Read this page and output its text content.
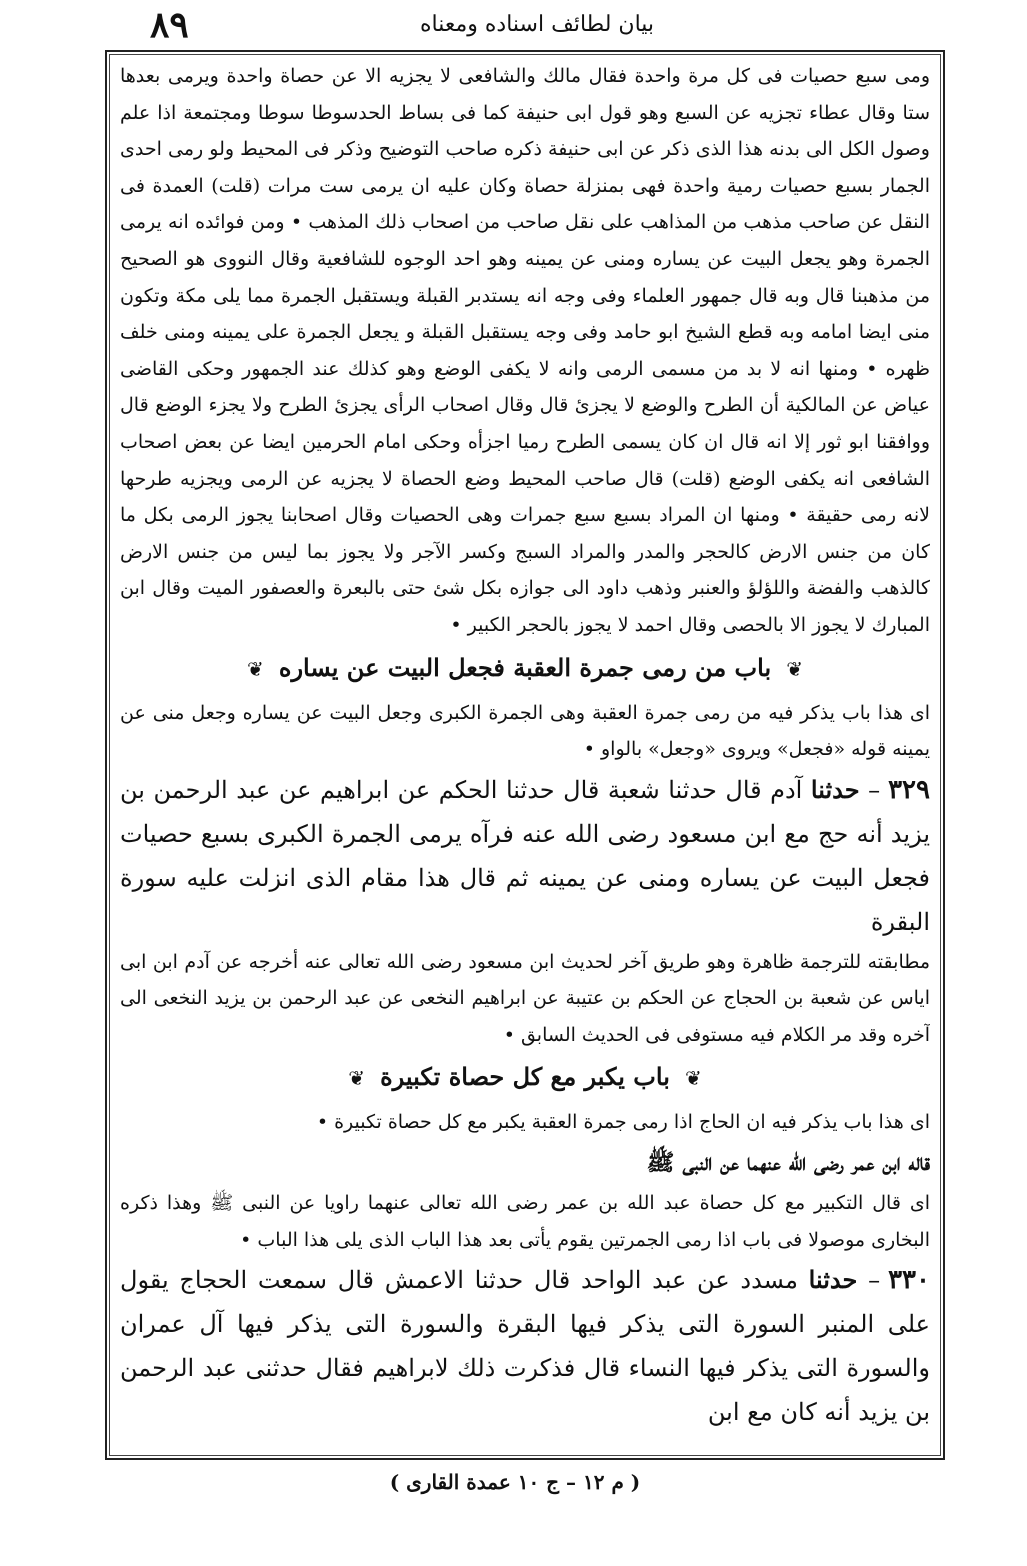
٨٩	بيان لطائف اسناده ومعناه

ومى سبع حصيات فى كل مرة واحدة فقال مالك والشافعى لا يجزيه الا عن حصاة واحدة ويرمى بعدها ستا وقال عطاء تجزيه عن السبع وهو قول ابى حنيفة كما فى بساط الحدسوطا سوطا ومجتمعة اذا علم وصول الكل الى بدنه هذا الذى ذكر عن ابى حنيفة ذكره صاحب التوضيح وذكر فى المحيط ولو رمى احدى الجمار بسبع حصيات رمية واحدة فهى بمنزلة حصاة وكان عليه ان يرمى ست مرات (قلت) العمدة فى النقل عن صاحب مذهب من المذاهب على نقل صاحب من اصحاب ذلك المذهب • ومن فوائده انه يرمى الجمرة وهو يجعل البيت عن يساره ومنى عن يمينه وهو احد الوجوه للشافعية وقال النووى هو الصحيح من مذهبنا قال وبه قال جمهور العلماء وفى وجه انه يستدبر القبلة ويستقبل الجمرة مما يلى مكة وتكون منى ايضا امامه وبه قطع الشيخ ابو حامد وفى وجه يستقبل القبلة و يجعل الجمرة على يمينه ومنى خلف ظهره • ومنها انه لا بد من مسمى الرمى وانه لا يكفى الوضع وهو كذلك عند الجمهور وحكى القاضى عياض عن المالكية أن الطرح والوضع لا يجزئ قال وقال اصحاب الرأى يجزئ الطرح ولا يجزء الوضع قال ووافقنا ابو ثور إلا انه قال ان كان يسمى الطرح رميا اجزأه وحكى امام الحرمين ايضا عن بعض اصحاب الشافعى انه يكفى الوضع (قلت) قال صاحب المحيط وضع الحصاة لا يجزيه عن الرمى ويجزيه طرحها لانه رمى حقيقة • ومنها ان المراد بسبع سبع جمرات وهى الحصيات وقال اصحابنا يجوز الرمى بكل ما كان من جنس الارض كالحجر والمدر والمراد السبج وكسر الآجر ولا يجوز بما ليس من جنس الارض كالذهب والفضة واللؤلؤ والعنبر وذهب داود الى جوازه بكل شئ حتى بالبعرة والعصفور الميت وقال ابن المبارك لا يجوز الا بالحصى وقال احمد لا يجوز بالحجر الكبير •

❦ باب من رمى جمرة العقبة فجعل البيت عن يساره ❦

اى هذا باب يذكر فيه من رمى جمرة العقبة وهى الجمرة الكبرى وجعل البيت عن يساره وجعل منى عن يمينه قوله «فجعل» ويروى «وجعل» بالواو •

٣٢٩– حدثنا آدم قال حدثنا شعبة قال حدثنا الحكم عن ابراهيم عن عبد الرحمن بن يزيد أنه حج مع ابن مسعود رضى الله عنه فرآه يرمى الجمرة الكبرى بسبع حصيات فجعل البيت عن يساره ومنى عن يمينه ثم قال هذا مقام الذى انزلت عليه سورة البقرة

مطابقته للترجمة ظاهرة وهو طريق آخر لحديث ابن مسعود رضى الله تعالى عنه أخرجه عن آدم ابن ابى اياس عن شعبة بن الحجاج عن الحكم بن عتيبة عن ابراهيم النخعى عن عبد الرحمن بن يزيد النخعى الى آخره وقد مر الكلام فيه مستوفى فى الحديث السابق •

❦ باب يكبر مع كل حصاة تكبيرة ❦

اى هذا باب يذكر فيه ان الحاج اذا رمى جمرة العقبة يكبر مع كل حصاة تكبيرة •

قاله ابن عمر رضى الله عنهما عن النبى ﷺ

اى قال التكبير مع كل حصاة عبد الله بن عمر رضى الله تعالى عنهما راويا عن النبى ﷺ وهذا ذكره البخارى موصولا فى باب اذا رمى الجمرتين يقوم يأتى بعد هذا الباب الذى يلى هذا الباب •

٣٣٠– حدثنا مسدد عن عبد الواحد قال حدثنا الاعمش قال سمعت الحجاج يقول على المنبر السورة التى يذكر فيها البقرة والسورة التى يذكر فيها آل عمران والسورة التى يذكر فيها النساء قال فذكرت ذلك لابراهيم فقال حدثنى عبد الرحمن بن يزيد أنه كان مع ابن

( م ١٢ – ج ١٠ عمدة القارى )
